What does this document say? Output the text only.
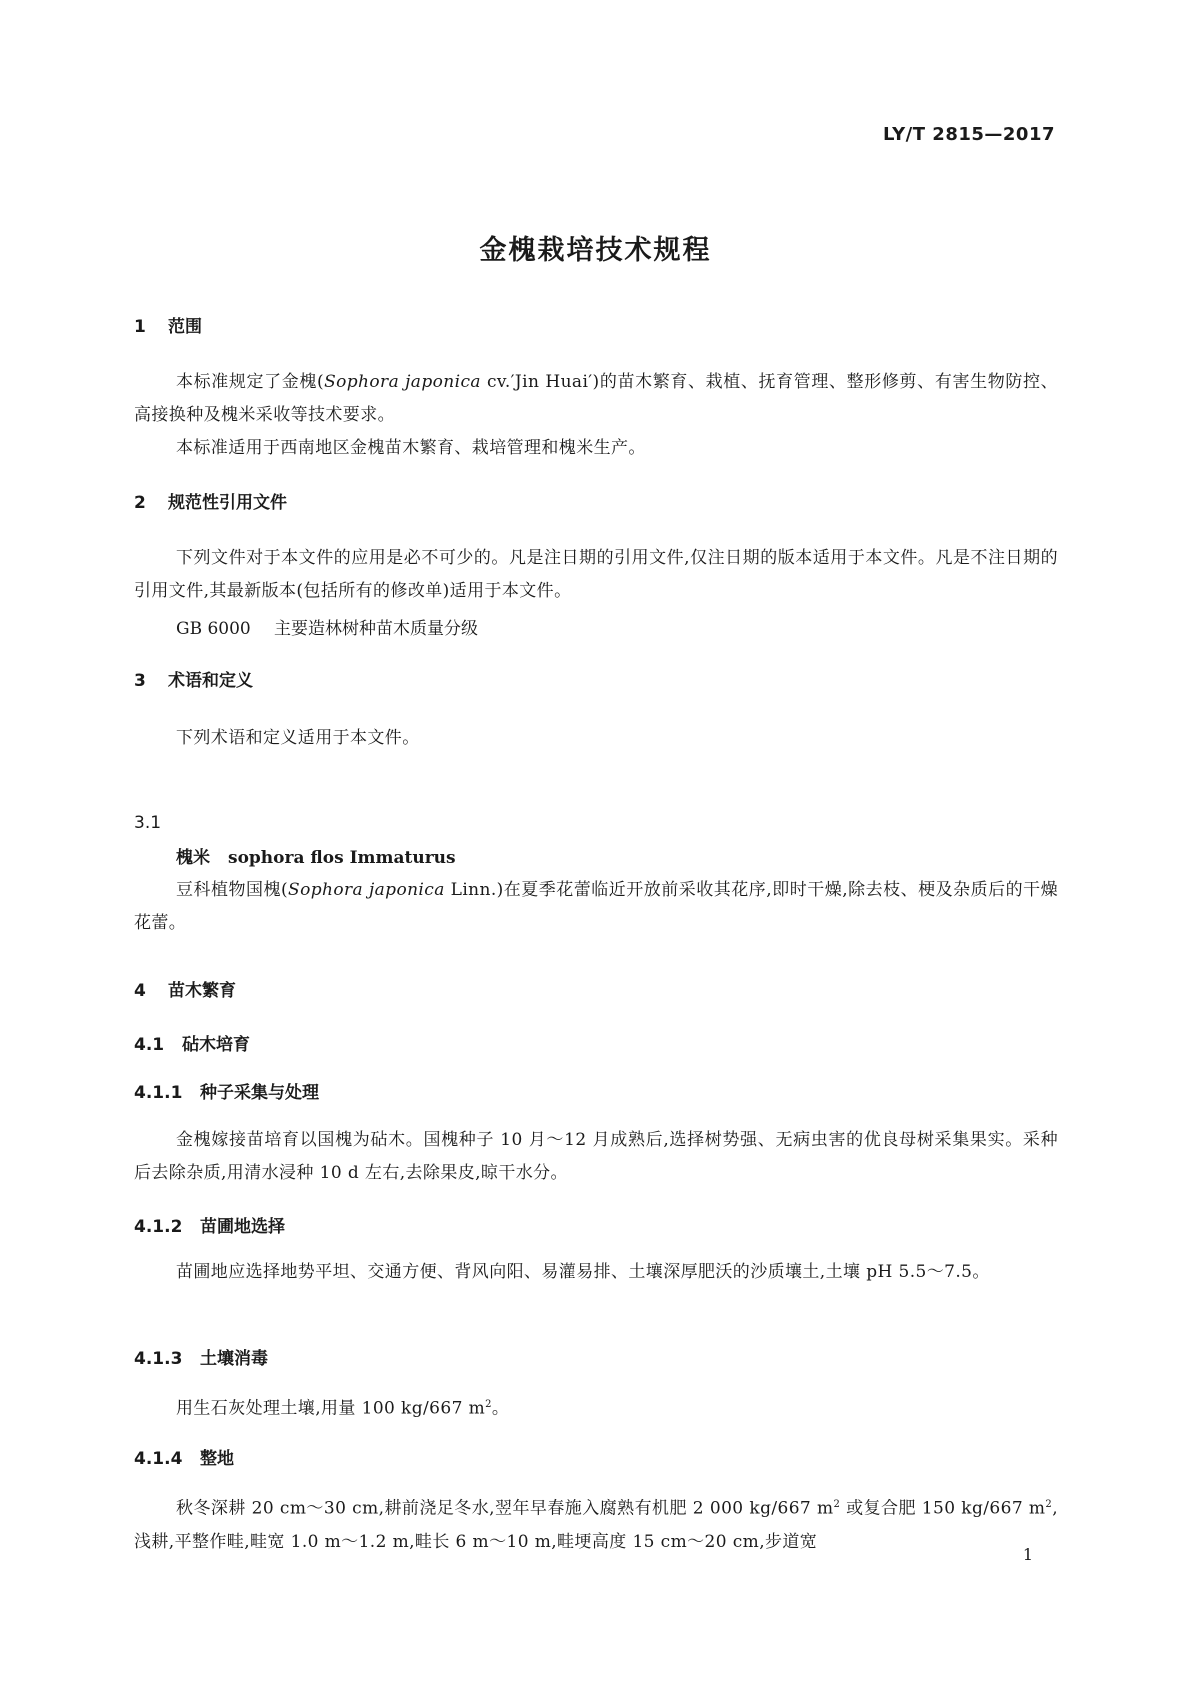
LY/T 2815—2017
金槐栽培技术规程
1 范围
本标准规定了金槐(Sophora japonica cv.′Jin Huai′)的苗木繁育、栽植、抚育管理、整形修剪、有害生物防控、高接换种及槐米采收等技术要求。
本标准适用于西南地区金槐苗木繁育、栽培管理和槐米生产。
2 规范性引用文件
下列文件对于本文件的应用是必不可少的。凡是注日期的引用文件,仅注日期的版本适用于本文件。凡是不注日期的引用文件,其最新版本(包括所有的修改单)适用于本文件。
GB 6000 主要造林树种苗木质量分级
3 术语和定义
下列术语和定义适用于本文件。
3.1
槐米 sophora flos Immaturus
豆科植物国槐(Sophora japonica Linn.)在夏季花蕾临近开放前采收其花序,即时干燥,除去枝、梗及杂质后的干燥花蕾。
4 苗木繁育
4.1 砧木培育
4.1.1 种子采集与处理
金槐嫁接苗培育以国槐为砧木。国槐种子 10 月～12 月成熟后,选择树势强、无病虫害的优良母树采集果实。采种后去除杂质,用清水浸种 10 d 左右,去除果皮,晾干水分。
4.1.2 苗圃地选择
苗圃地应选择地势平坦、交通方便、背风向阳、易灌易排、土壤深厚肥沃的沙质壤土,土壤 pH 5.5～7.5。
4.1.3 土壤消毒
用生石灰处理土壤,用量 100 kg/667 $m^2$。
4.1.4 整地
秋冬深耕 20 cm～30 cm,耕前浇足冬水,翌年早春施入腐熟有机肥 2 000 kg/667 $m^2$ 或复合肥 150 kg/667 $m^2$,浅耕,平整作畦,畦宽 1.0 m～1.2 m,畦长 6 m～10 m,畦埂高度 15 cm～20 cm,步道宽
1
